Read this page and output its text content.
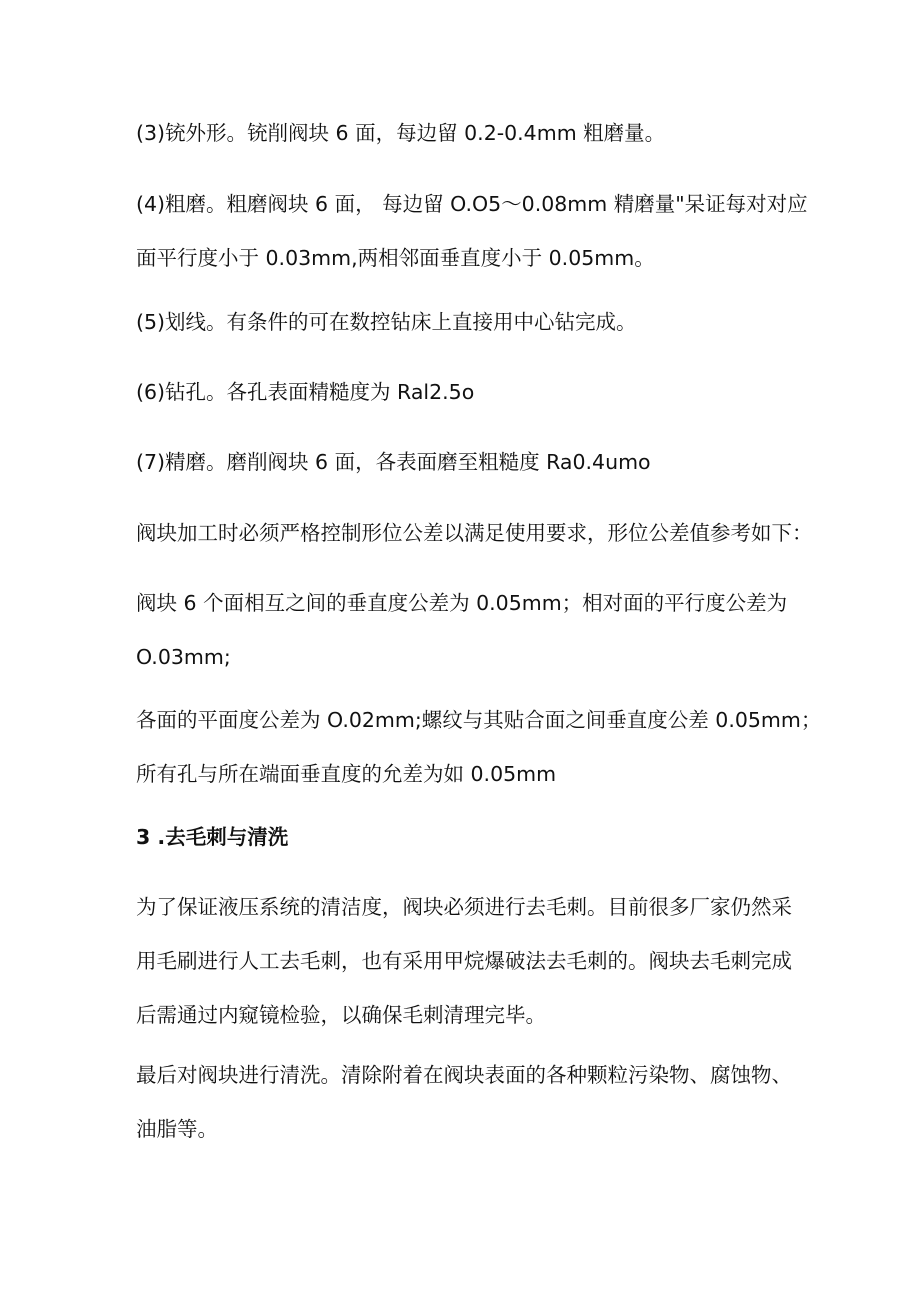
(3)铳外形。铳削阀块 6 面，每边留 0.2-0.4mm 粗磨量。

(4)粗磨。粗磨阀块 6 面， 每边留 O.O5～0.08mm 精磨量"呆证每对对应
面平行度小于 0.03mm,两相邻面垂直度小于 0.05mm。

(5)划线。有条件的可在数控钻床上直接用中心钻完成。

(6)钻孔。各孔表面精糙度为 Ral2.5o

(7)精磨。磨削阀块 6 面，各表面磨至粗糙度 Ra0.4umo

阀块加工时必须严格控制形位公差以满足使用要求，形位公差值参考如下：

阀块 6 个面相互之间的垂直度公差为 0.05mm；相对面的平行度公差为
O.03mm;

各面的平面度公差为 O.02mm;螺纹与其贴合面之间垂直度公差 0.05mm；
所有孔与所在端面垂直度的允差为如 0.05mm

3 .去毛刺与清洗

为了保证液压系统的清洁度，阀块必须进行去毛刺。目前很多厂家仍然采
用毛刷进行人工去毛刺，也有采用甲烷爆破法去毛刺的。阀块去毛刺完成
后需通过内窥镜检验，以确保毛刺清理完毕。

最后对阀块进行清洗。清除附着在阀块表面的各种颗粒污染物、腐蚀物、
油脂等。
